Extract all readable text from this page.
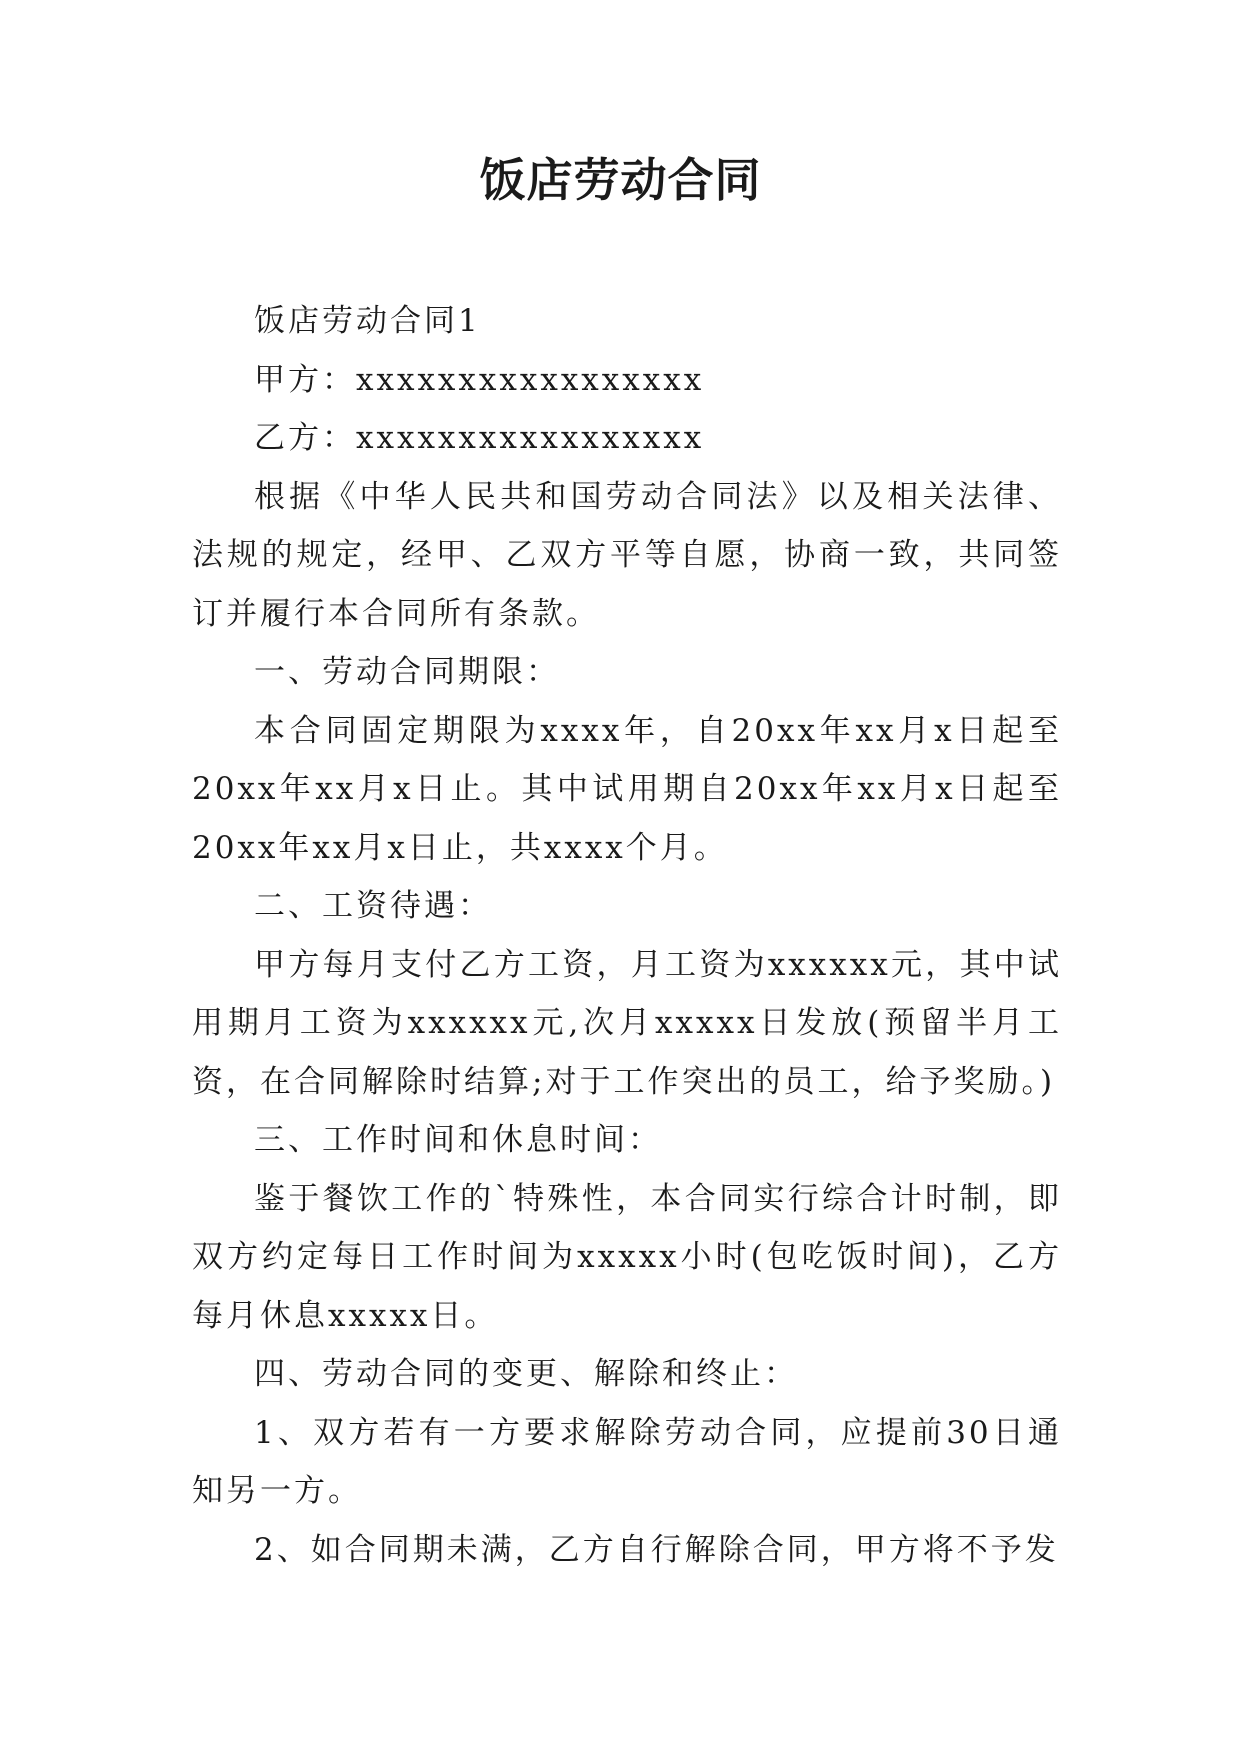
饭店劳动合同

饭店劳动合同1

甲方：xxxxxxxxxxxxxxxxx

乙方：xxxxxxxxxxxxxxxxx

根据《中华人民共和国劳动合同法》以及相关法律、法规的规定，经甲、乙双方平等自愿，协商一致，共同签订并履行本合同所有条款。

一、劳动合同期限：

本合同固定期限为xxxx年，自20xx年xx月x日起至20xx年xx月x日止。其中试用期自20xx年xx月x日起至20xx年xx月x日止，共xxxx个月。

二、工资待遇：

甲方每月支付乙方工资，月工资为xxxxxx元，其中试用期月工资为xxxxxx元,次月xxxxx日发放(预留半月工资，在合同解除时结算;对于工作突出的员工，给予奖励。)

三、工作时间和休息时间：

鉴于餐饮工作的`特殊性，本合同实行综合计时制，即双方约定每日工作时间为xxxxx小时(包吃饭时间)，乙方每月休息xxxxx日。

四、劳动合同的变更、解除和终止：

1、双方若有一方要求解除劳动合同，应提前30日通知另一方。

2、如合同期未满，乙方自行解除合同，甲方将不予发
